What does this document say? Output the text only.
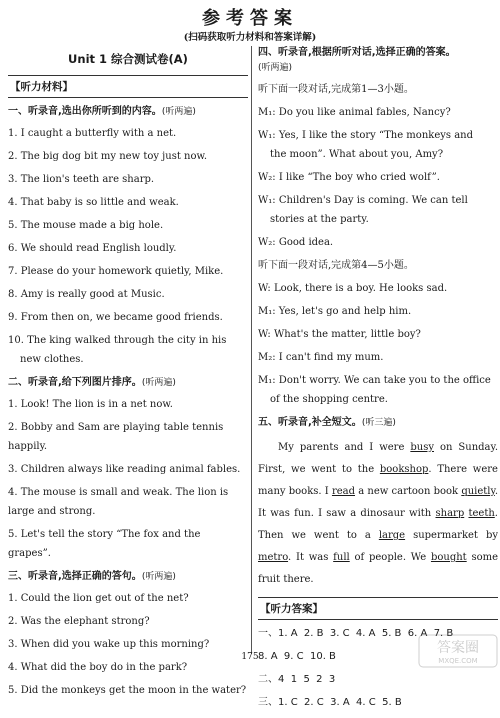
参考答案
(扫码获取听力材料和答案详解)
Unit 1 综合测试卷(A)
【听力材料】
一、听录音,选出你所听到的内容。(听两遍)
1. I caught a butterfly with a net.
2. The big dog bit my new toy just now.
3. The lion's teeth are sharp.
4. That baby is so little and weak.
5. The mouse made a big hole.
6. We should read English loudly.
7. Please do your homework quietly, Mike.
8. Amy is really good at Music.
9. From then on, we became good friends.
10. The king walked through the city in his
new clothes.
二、听录音,给下列图片排序。(听两遍)
1. Look! The lion is in a net now.
2. Bobby and Sam are playing table tennis
happily.
3. Children always like reading animal fables.
4. The mouse is small and weak. The lion is
large and strong.
5. Let's tell the story “The fox and the
grapes”.
三、听录音,选择正确的答句。(听两遍)
1. Could the lion get out of the net?
2. Was the elephant strong?
3. When did you wake up this morning?
4. What did the boy do in the park?
5. Did the monkeys get the moon in the water?
四、听录音,根据所听对话,选择正确的答案。
(听两遍)
听下面一段对话,完成第1—3小题。
M₁: Do you like animal fables, Nancy?
W₁: Yes, I like the story “The monkeys and
the moon”. What about you, Amy?
W₂: I like “The boy who cried wolf”.
W₁: Children's Day is coming. We can tell
stories at the party.
W₂: Good idea.
听下面一段对话,完成第4—5小题。
W: Look, there is a boy. He looks sad.
M₁: Yes, let's go and help him.
W: What's the matter, little boy?
M₂: I can't find my mum.
M₁: Don't worry. We can take you to the office
of the shopping centre.
五、听录音,补全短文。(听三遍)

My parents and I were busy on Sunday. First, we went to the bookshop. There were many books. I read a new cartoon book quietly. It was fun. I saw a dinosaur with sharp teeth. Then we went to a large supermarket by metro. It was full of people. We bought some fruit there.

【听力答案】
一、1. A  2. B  3. C  4. A  5. B  6. A  7. B
8. A  9. C  10. B
二、4  1  5  2  3
三、1. C  2. C  3. A  4. C  5. B
175
答案圈
MXQE.COM
